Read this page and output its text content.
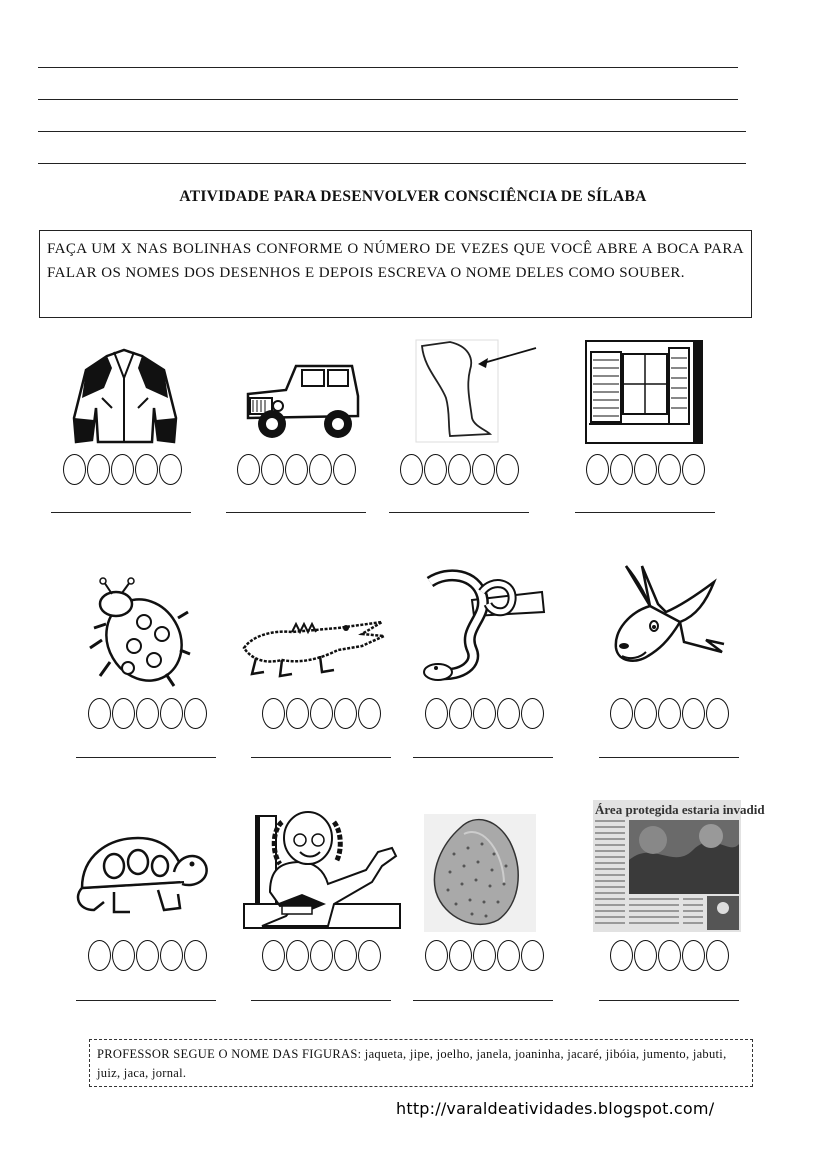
ATIVIDADE PARA DESENVOLVER CONSCIÊNCIA DE SÍLABA
FAÇA UM X NAS BOLINHAS CONFORME O NÚMERO DE VEZES QUE VOCÊ ABRE A BOCA PARA FALAR OS NOMES DOS DESENHOS E DEPOIS ESCREVA O NOME DELES COMO SOUBER.
Área protegida estaria invadid
PROFESSOR SEGUE O NOME DAS FIGURAS: jaqueta, jipe, joelho, janela, joaninha, jacaré, jibóia, jumento, jabuti, juiz, jaca, jornal.
http://varaldeatividades.blogspot.com/
